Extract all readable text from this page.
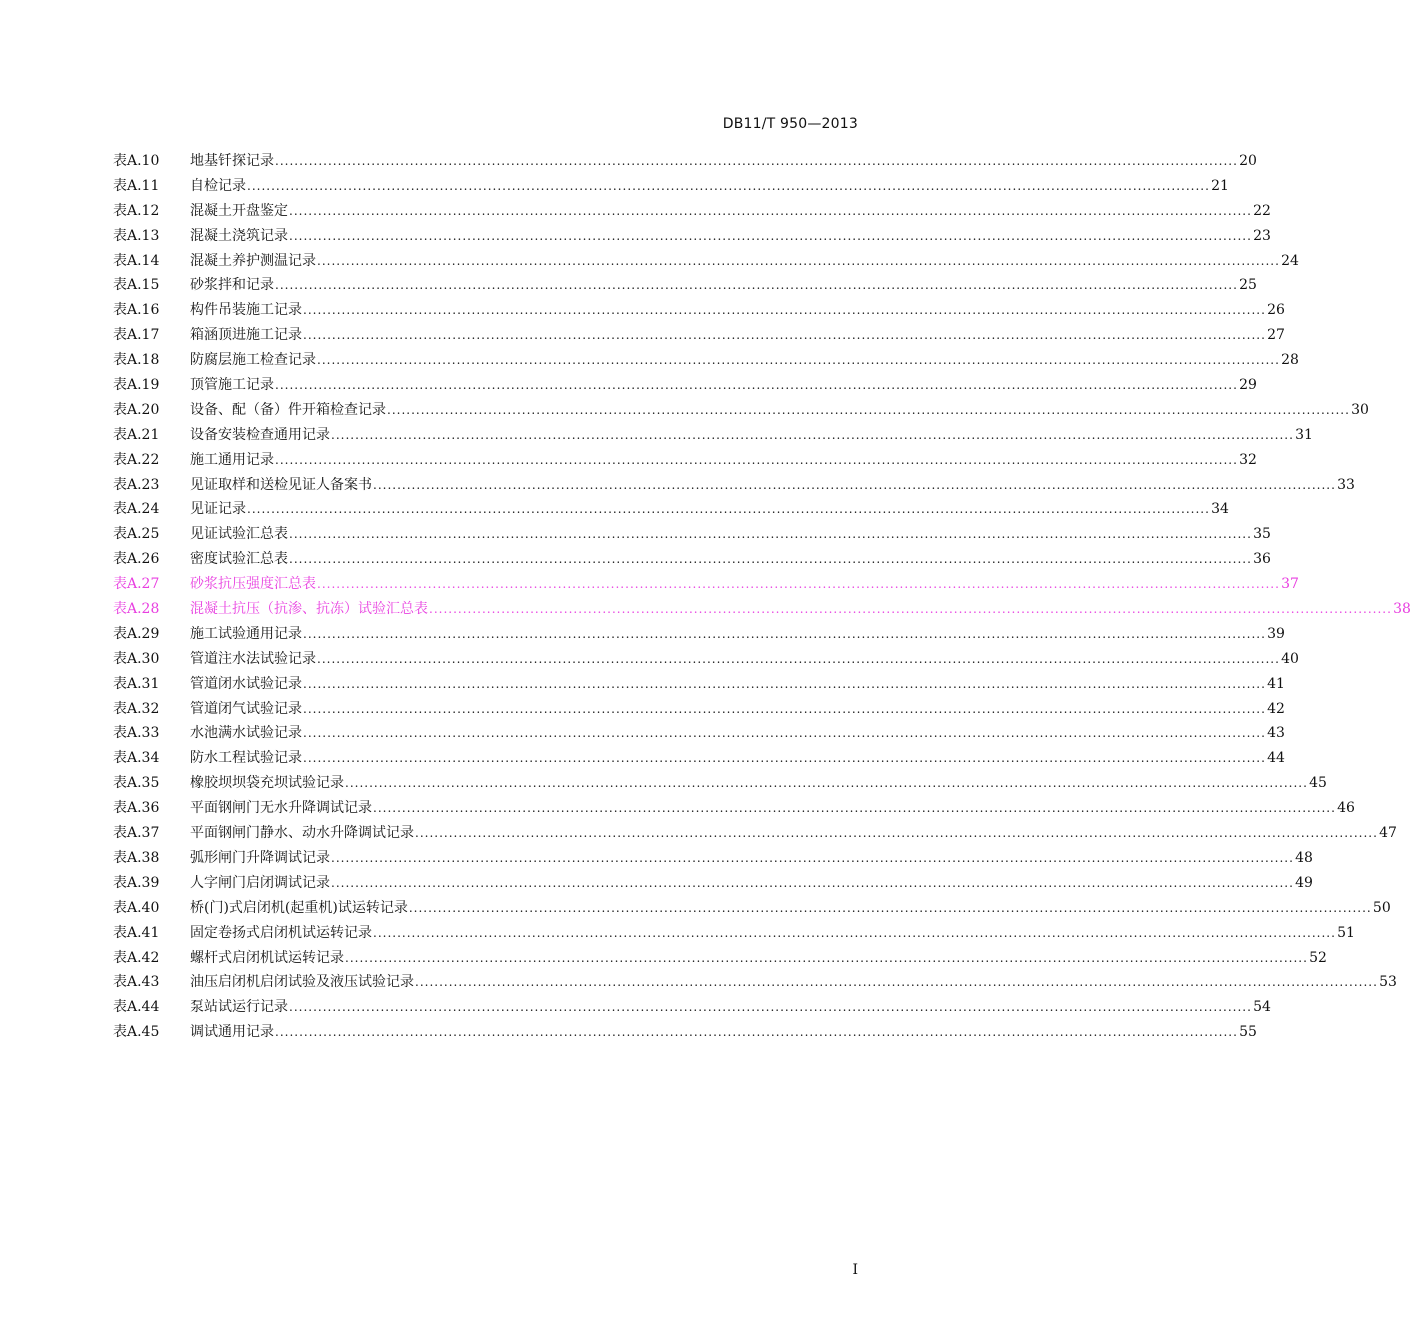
DB11/T 950—2013
表A.10	地基钎探记录 ........................................................................................................................................................................................................ 20
表A.11	自检记录 ........................................................................................................................................................................................................ 21
表A.12	混凝土开盘鉴定 ........................................................................................................................................................................................................ 22
表A.13	混凝土浇筑记录 ........................................................................................................................................................................................................ 23
表A.14	混凝土养护测温记录 ........................................................................................................................................................................................................ 24
表A.15	砂浆拌和记录 ........................................................................................................................................................................................................ 25
表A.16	构件吊装施工记录 ........................................................................................................................................................................................................ 26
表A.17	箱涵顶进施工记录 ........................................................................................................................................................................................................ 27
表A.18	防腐层施工检查记录 ........................................................................................................................................................................................................ 28
表A.19	顶管施工记录 ........................................................................................................................................................................................................ 29
表A.20	设备、配（备）件开箱检查记录 ........................................................................................................................................................................................................ 30
表A.21	设备安装检查通用记录 ........................................................................................................................................................................................................ 31
表A.22	施工通用记录 ........................................................................................................................................................................................................ 32
表A.23	见证取样和送检见证人备案书 ........................................................................................................................................................................................................ 33
表A.24	见证记录 ........................................................................................................................................................................................................ 34
表A.25	见证试验汇总表 ........................................................................................................................................................................................................ 35
表A.26	密度试验汇总表 ........................................................................................................................................................................................................ 36
表A.27	砂浆抗压强度汇总表 ........................................................................................................................................................................................................ 37
表A.28	混凝土抗压（抗渗、抗冻）试验汇总表 ........................................................................................................................................................................................................ 38
表A.29	施工试验通用记录 ........................................................................................................................................................................................................ 39
表A.30	管道注水法试验记录 ........................................................................................................................................................................................................ 40
表A.31	管道闭水试验记录 ........................................................................................................................................................................................................ 41
表A.32	管道闭气试验记录 ........................................................................................................................................................................................................ 42
表A.33	水池满水试验记录 ........................................................................................................................................................................................................ 43
表A.34	防水工程试验记录 ........................................................................................................................................................................................................ 44
表A.35	橡胶坝坝袋充坝试验记录 ........................................................................................................................................................................................................ 45
表A.36	平面钢闸门无水升降调试记录 ........................................................................................................................................................................................................ 46
表A.37	平面钢闸门静水、动水升降调试记录 ........................................................................................................................................................................................................ 47
表A.38	弧形闸门升降调试记录 ........................................................................................................................................................................................................ 48
表A.39	人字闸门启闭调试记录 ........................................................................................................................................................................................................ 49
表A.40	桥(门)式启闭机(起重机)试运转记录 ........................................................................................................................................................................................................ 50
表A.41	固定卷扬式启闭机试运转记录 ........................................................................................................................................................................................................ 51
表A.42	螺杆式启闭机试运转记录 ........................................................................................................................................................................................................ 52
表A.43	油压启闭机启闭试验及液压试验记录 ........................................................................................................................................................................................................ 53
表A.44	泵站试运行记录 ........................................................................................................................................................................................................ 54
表A.45	调试通用记录 ........................................................................................................................................................................................................ 55
I
